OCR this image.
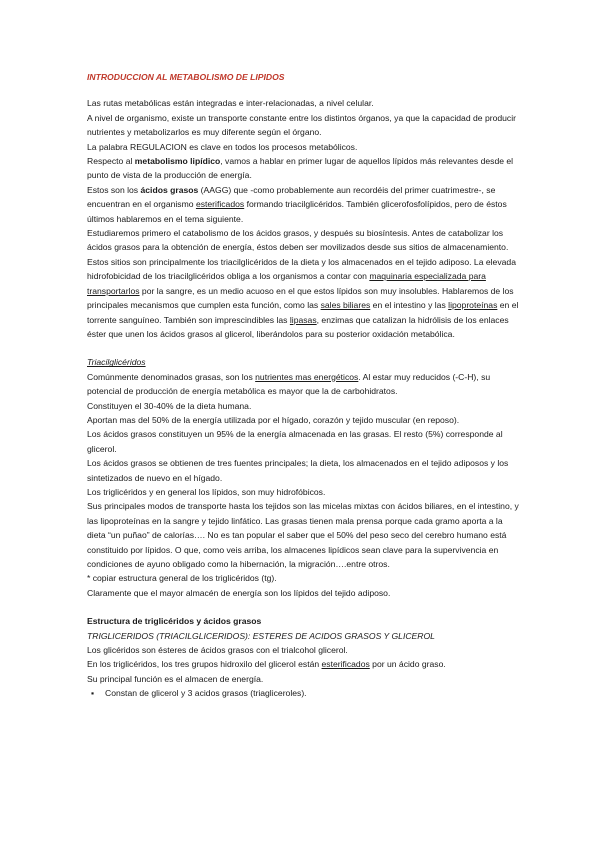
INTRODUCCION AL METABOLISMO DE LIPIDOS

Las rutas metabólicas están integradas e inter-relacionadas, a nivel celular.

A nivel de organismo, existe un transporte constante entre los distintos órganos, ya que la capacidad de producir nutrientes y metabolizarlos es muy diferente según el órgano.

La palabra REGULACION es clave en todos los procesos metabólicos.

Respecto al metabolismo lipídico, vamos a hablar en primer lugar de aquellos lípidos más relevantes desde el punto de vista de la producción de energía.

Estos son los ácidos grasos (AAGG) que -como probablemente aun recordéis del primer cuatrimestre-, se encuentran en el organismo esterificados formando triacilglicéridos. También glicerofosfolípidos, pero de éstos últimos hablaremos en el tema siguiente.

Estudiaremos primero el catabolismo de los ácidos grasos, y después su biosíntesis. Antes de catabolizar los ácidos grasos para la obtención de energía, éstos deben ser movilizados desde sus sitios de almacenamiento. Estos sitios son principalmente los triacilglicéridos de la dieta y los almacenados en el tejido adiposo. La elevada hidrofobicidad de los triacilglicéridos obliga a los organismos a contar con maquinaria especializada para transportarlos por la sangre, es un medio acuoso en el que estos lípidos son muy insolubles. Hablaremos de los principales mecanismos que cumplen esta función, como las sales biliares en el intestino y las lipoproteínas en el torrente sanguíneo. También son imprescindibles las lipasas, enzimas que catalizan la hidrólisis de los enlaces éster que unen los ácidos grasos al glicerol, liberándolos para su posterior oxidación metabólica.

Triacilglicéridos

Comúnmente denominados grasas, son los nutrientes mas energéticos. Al estar muy reducidos (-C-H), su potencial de producción de energía metabólica es mayor que la de carbohidratos.

Constituyen el 30-40% de la dieta humana.

Aportan mas del 50% de la energía utilizada por el hígado, corazón y tejido muscular (en reposo).

Los ácidos grasos constituyen un 95% de la energía almacenada en las grasas. El resto (5%) corresponde al glicerol.

Los ácidos grasos se obtienen de tres fuentes principales; la dieta, los almacenados en el tejido adiposos y los sintetizados de nuevo en el hígado.

Los triglicéridos y en general los lípidos, son muy hidrofóbicos.

Sus principales modos de transporte hasta los tejidos son las micelas mixtas con ácidos biliares, en el intestino, y las lipoproteínas en la sangre y tejido linfático. Las grasas tienen mala prensa porque cada gramo aporta a la dieta “un puñao” de calorías…. No es tan popular el saber que el 50% del peso seco del cerebro humano está constituido por lípidos. O que, como veis arriba, los almacenes lipídicos sean clave para la supervivencia en condiciones de ayuno obligado como la hibernación, la migración….entre otros.

* copiar estructura general de los triglicéridos (tg).

Claramente que el mayor almacén de energía son los lípidos del tejido adiposo.

Estructura de triglicéridos y ácidos grasos

TRIGLICERIDOS (TRIACILGLICERIDOS): ESTERES DE ACIDOS GRASOS Y GLICEROL

Los glicéridos son ésteres de ácidos grasos con el trialcohol glicerol.

En los triglicéridos, los tres grupos hidroxilo del glicerol están esterificados por un ácido graso.

Su principal función es el almacen de energía.

▪ Constan de glicerol y 3 acidos grasos (triagliceroles).
